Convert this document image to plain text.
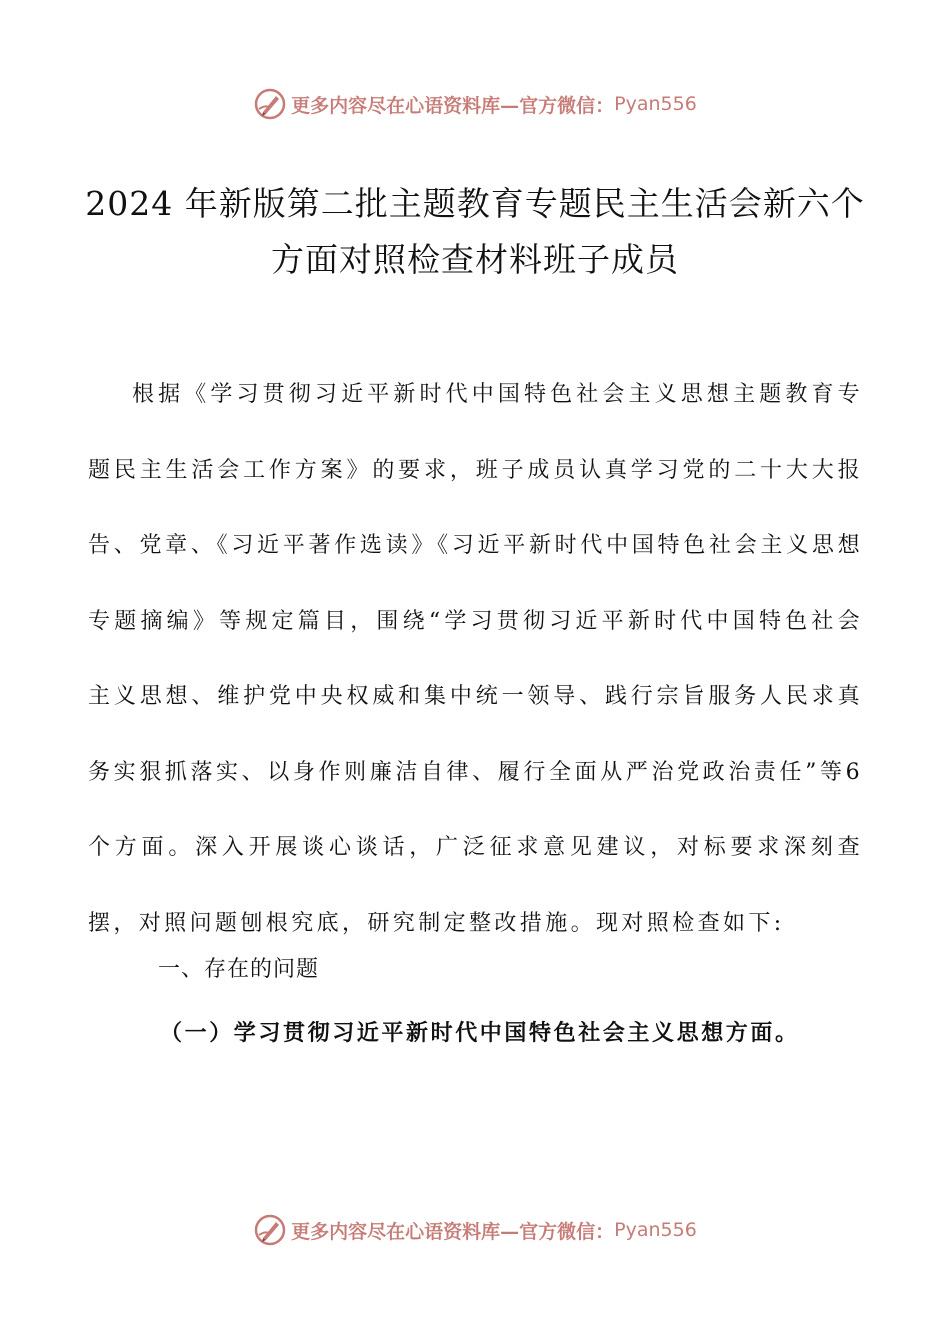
更多内容尽在心语资料库—官方微信： Pyan556
2024 年新版第二批主题教育专题民主生活会新六个方面对照检查材料班子成员

根据《学习贯彻习近平新时代中国特色社会主义思想主题教育专题民主生活会工作方案》的要求，班子成员认真学习党的二十大大报告、党章、《习近平著作选读》《习近平新时代中国特色社会主义思想专题摘编》等规定篇目，围绕“学习贯彻习近平新时代中国特色社会主义思想、维护党中央权威和集中统一领导、践行宗旨服务人民求真务实狠抓落实、以身作则廉洁自律、履行全面从严治党政治责任”等6个方面。深入开展谈心谈话，广泛征求意见建议，对标要求深刻查摆，对照问题刨根究底，研究制定整改措施。现对照检查如下:

一、存在的问题
（一）学习贯彻习近平新时代中国特色社会主义思想方面。
更多内容尽在心语资料库—官方微信： Pyan556
